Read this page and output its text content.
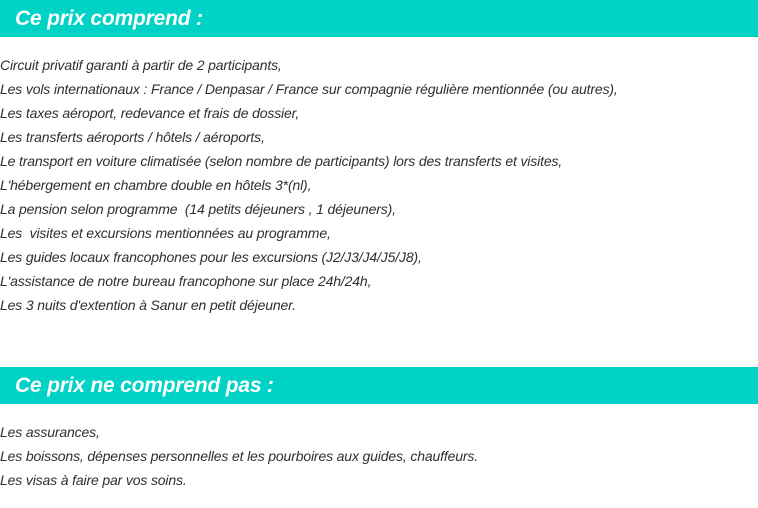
Ce prix comprend :
Circuit privatif garanti à partir de 2 participants,
Les vols internationaux : France / Denpasar / France sur compagnie régulière mentionnée (ou autres),
Les taxes aéroport, redevance et frais de dossier,
Les transferts aéroports / hôtels / aéroports,
Le transport en voiture climatisée (selon nombre de participants) lors des transferts et visites,
L'hébergement en chambre double en hôtels 3*(nl),
La pension selon programme  (14 petits déjeuners , 1 déjeuners),
Les  visites et excursions mentionnées au programme,
Les guides locaux francophones pour les excursions (J2/J3/J4/J5/J8),
L'assistance de notre bureau francophone sur place 24h/24h,
Les 3 nuits d'extention à Sanur en petit déjeuner.
Ce prix ne comprend pas :
Les assurances,
Les boissons, dépenses personnelles et les pourboires aux guides, chauffeurs.
Les visas à faire par vos soins.
